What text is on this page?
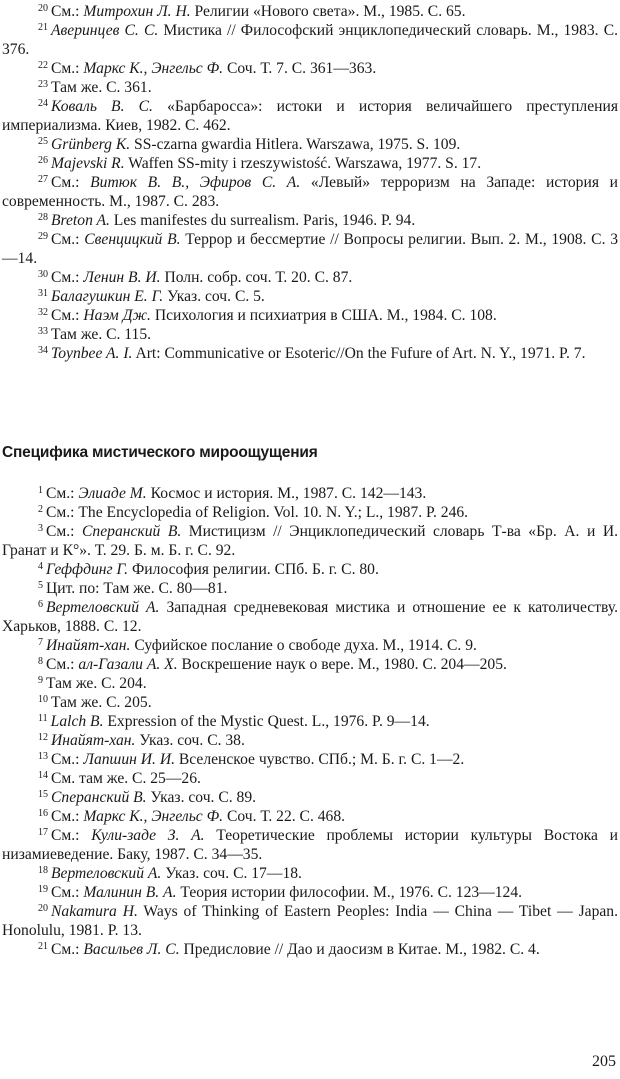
$^{20}$ См.: Митрохин Л. Н. Религии «Нового света». М., 1985. С. 65.

$^{21}$ Аверинцев С. С. Мистика // Философский энциклопедический словарь. М., 1983. С. 376.

$^{22}$ См.: Маркс К., Энгельс Ф. Соч. Т. 7. С. 361—363.

$^{23}$ Там же. С. 361.

$^{24}$ Коваль В. С. «Барбаросса»: истоки и история величайшего преступления империализма. Киев, 1982. С. 462.

$^{25}$ Grünberg K. SS-czarna gwardia Hitlera. Warszawa, 1975. S. 109.

$^{26}$ Majevski R. Waffen SS-mity i rzeszywistość. Warszawa, 1977. S. 17.

$^{27}$ См.: Витюк В. В., Эфиров С. А. «Левый» терроризм на Западе: история и современность. М., 1987. С. 283.

$^{28}$ Breton A. Les manifestes du surrealism. Paris, 1946. P. 94.

$^{29}$ См.: Свенцицкий В. Террор и бессмертие // Вопросы религии. Вып. 2. М., 1908. С. 3—14.

$^{30}$ См.: Ленин В. И. Полн. собр. соч. Т. 20. С. 87.

$^{31}$ Балагушкин Е. Г. Указ. соч. С. 5.

$^{32}$ См.: Наэм Дж. Психология и психиатрия в США. М., 1984. С. 108.

$^{33}$ Там же. С. 115.

$^{34}$ Toynbee A. I. Art: Communicative or Esoteric//On the Fufure of Art. N. Y., 1971. P. 7.

Специфика мистического мироощущения

$^1$ См.: Элиаде М. Космос и история. М., 1987. С. 142—143.

$^2$ См.: The Encyclopedia of Religion. Vol. 10. N. Y.; L., 1987. P. 246.

$^3$ См.: Сперанский В. Мистицизм // Энциклопедический словарь Т-ва «Бр. А. и И. Гранат и К°». Т. 29. Б. м. Б. г. С. 92.

$^4$ Геффдинг Г. Философия религии. СПб. Б. г. С. 80.

$^5$ Цит. по: Там же. С. 80—81.

$^6$ Вертеловский А. Западная средневековая мистика и отношение ее к католичеству. Харьков, 1888. С. 12.

$^7$ Инайят-хан. Суфийское послание о свободе духа. М., 1914. С. 9.

$^8$ См.: ал-Газали А. Х. Воскрешение наук о вере. М., 1980. С. 204—205.

$^9$ Там же. С. 204.

$^{10}$ Там же. С. 205.

$^{11}$ Lalch B. Expression of the Mystic Quest. L., 1976. P. 9—14.

$^{12}$ Инайят-хан. Указ. соч. С. 38.

$^{13}$ См.: Лапшин И. И. Вселенское чувство. СПб.; М. Б. г. С. 1—2.

$^{14}$ См. там же. С. 25—26.

$^{15}$ Сперанский В. Указ. соч. С. 89.

$^{16}$ См.: Маркс К., Энгельс Ф. Соч. Т. 22. С. 468.

$^{17}$ См.: Кули-заде З. А. Теоретические проблемы истории культуры Востока и низамиеведение. Баку, 1987. С. 34—35.

$^{18}$ Вертеловский А. Указ. соч. С. 17—18.

$^{19}$ См.: Малинин В. А. Теория истории философии. М., 1976. С. 123—124.

$^{20}$ Nakamura H. Ways of Thinking of Eastern Peoples: India — China — Tibet — Japan. Honolulu, 1981. P. 13.

$^{21}$ См.: Васильев Л. С. Предисловие // Дао и даосизм в Китае. М., 1982. С. 4.

205
